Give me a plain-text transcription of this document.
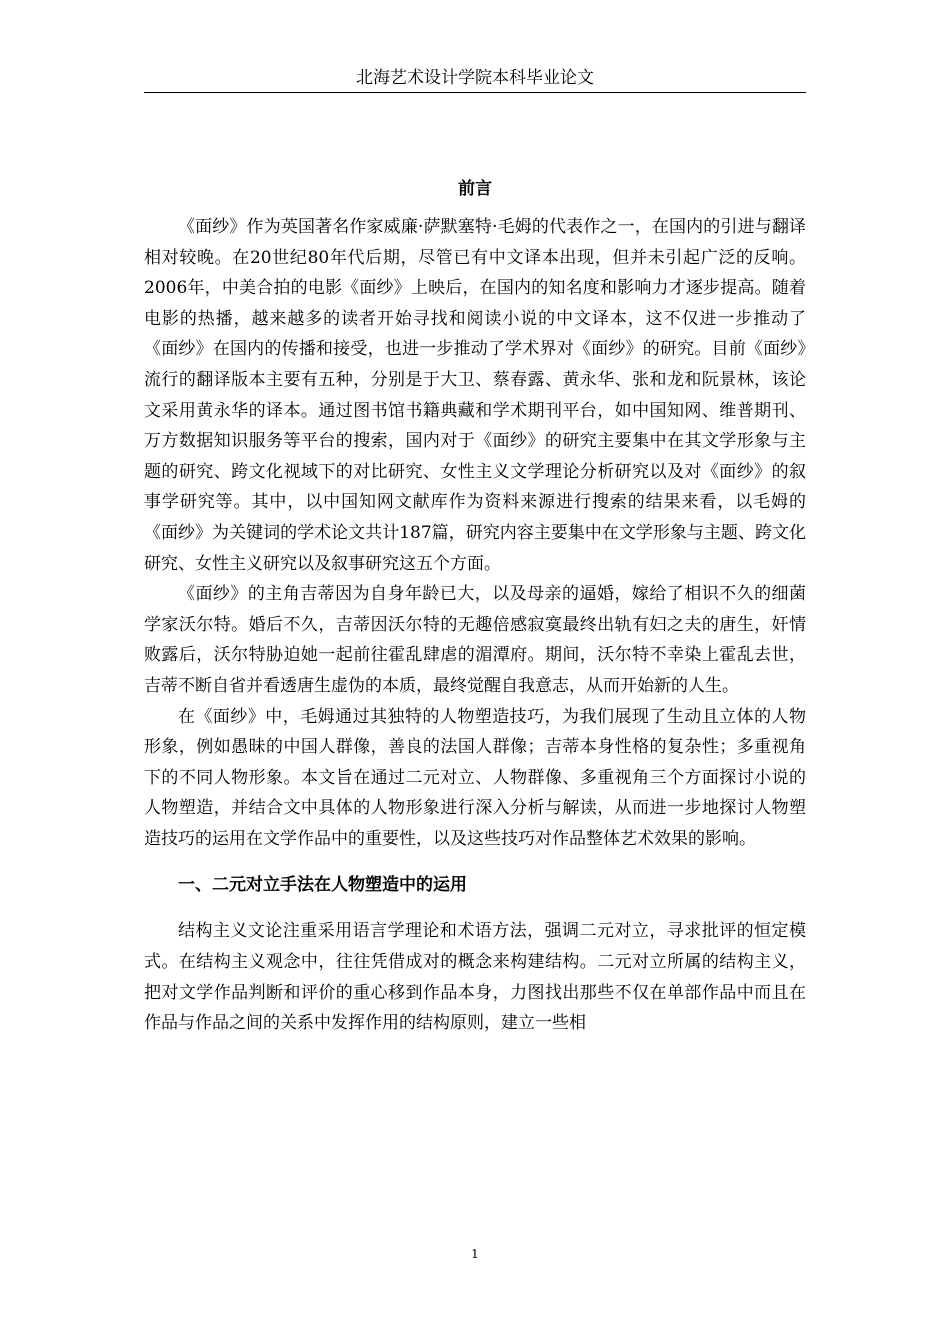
北海艺术设计学院本科毕业论文
前言

《面纱》作为英国著名作家威廉·萨默塞特·毛姆的代表作之一，在国内的引进与翻译相对较晚。在20世纪80年代后期，尽管已有中文译本出现，但并未引起广泛的反响。2006年，中美合拍的电影《面纱》上映后，在国内的知名度和影响力才逐步提高。随着电影的热播，越来越多的读者开始寻找和阅读小说的中文译本，这不仅进一步推动了《面纱》在国内的传播和接受，也进一步推动了学术界对《面纱》的研究。目前《面纱》流行的翻译版本主要有五种，分别是于大卫、蔡春露、黄永华、张和龙和阮景林，该论文采用黄永华的译本。通过图书馆书籍典藏和学术期刊平台，如中国知网、维普期刊、万方数据知识服务等平台的搜索，国内对于《面纱》的研究主要集中在其文学形象与主题的研究、跨文化视域下的对比研究、女性主义文学理论分析研究以及对《面纱》的叙事学研究等。其中，以中国知网文献库作为资料来源进行搜索的结果来看，以毛姆的《面纱》为关键词的学术论文共计187篇，研究内容主要集中在文学形象与主题、跨文化研究、女性主义研究以及叙事研究这五个方面。

《面纱》的主角吉蒂因为自身年龄已大，以及母亲的逼婚，嫁给了相识不久的细菌学家沃尔特。婚后不久，吉蒂因沃尔特的无趣倍感寂寞最终出轨有妇之夫的唐生，奸情败露后，沃尔特胁迫她一起前往霍乱肆虐的湄潭府。期间，沃尔特不幸染上霍乱去世，吉蒂不断自省并看透唐生虚伪的本质，最终觉醒自我意志，从而开始新的人生。

在《面纱》中，毛姆通过其独特的人物塑造技巧，为我们展现了生动且立体的人物形象，例如愚昧的中国人群像，善良的法国人群像；吉蒂本身性格的复杂性；多重视角下的不同人物形象。本文旨在通过二元对立、人物群像、多重视角三个方面探讨小说的人物塑造，并结合文中具体的人物形象进行深入分析与解读，从而进一步地探讨人物塑造技巧的运用在文学作品中的重要性，以及这些技巧对作品整体艺术效果的影响。

一、二元对立手法在人物塑造中的运用

结构主义文论注重采用语言学理论和术语方法，强调二元对立，寻求批评的恒定模式。在结构主义观念中，往往凭借成对的概念来构建结构。二元对立所属的结构主义，把对文学作品判断和评价的重心移到作品本身，力图找出那些不仅在单部作品中而且在作品与作品之间的关系中发挥作用的结构原则，建立一些相

1
